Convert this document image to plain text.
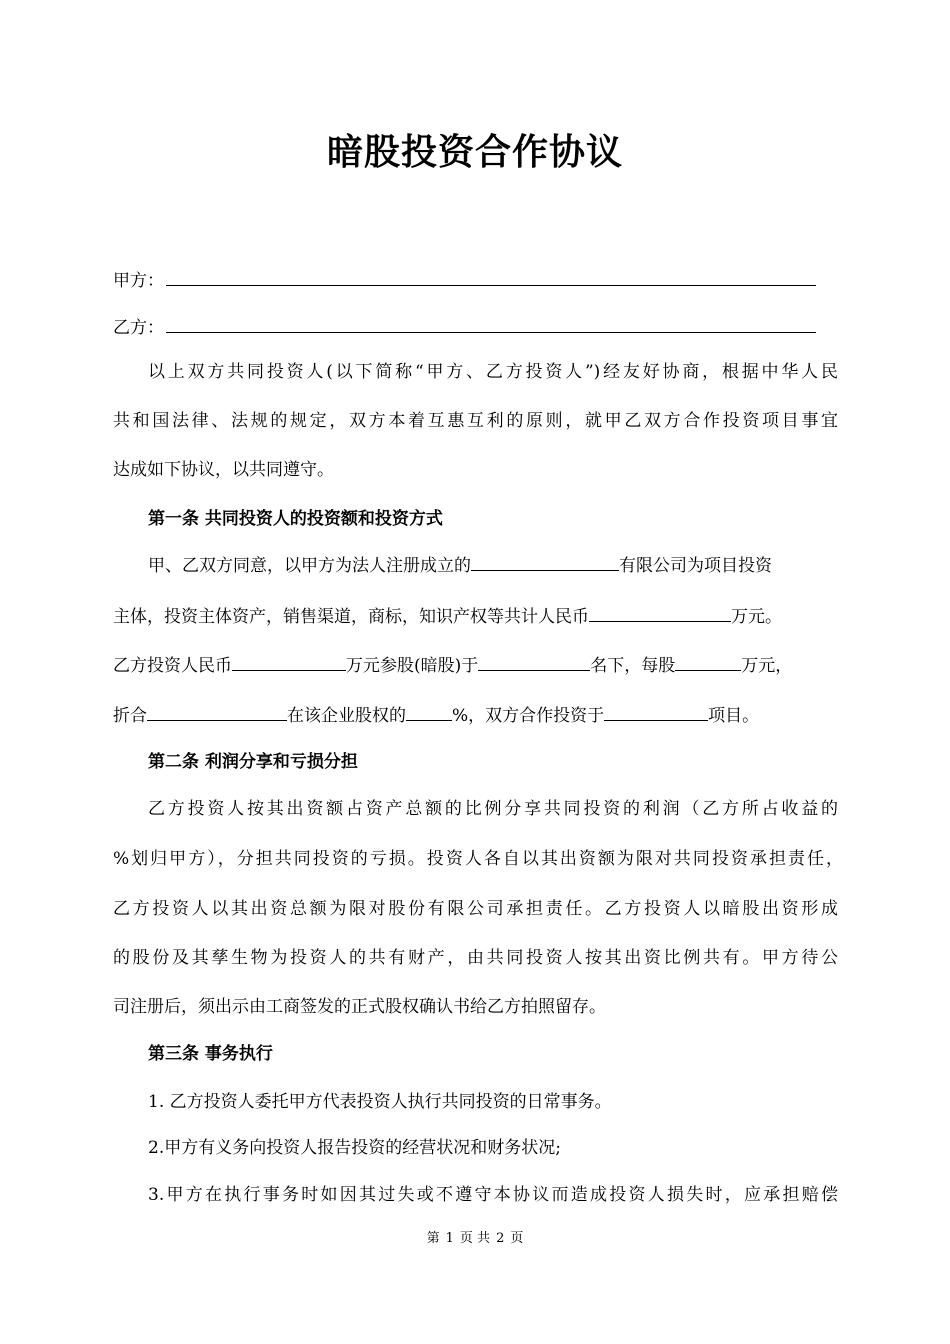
暗股投资合作协议
甲方：
乙方：
以上双方共同投资人(以下简称“甲方、乙方投资人”)经友好协商，根据中华人民
共和国法律、法规的规定，双方本着互惠互利的原则，就甲乙双方合作投资项目事宜
达成如下协议，以共同遵守。
第一条 共同投资人的投资额和投资方式
甲、乙双方同意，以甲方为法人注册成立的	有限公司为项目投资
主体，投资主体资产，销售渠道，商标，知识产权等共计人民币	万元。
乙方投资人民币	万元参股(暗股)于	名下，每股	万元，
折合	在该企业股权的	%，双方合作投资于	项目。
第二条 利润分享和亏损分担
乙方投资人按其出资额占资产总额的比例分享共同投资的利润（乙方所占收益的
%划归甲方），分担共同投资的亏损。投资人各自以其出资额为限对共同投资承担责任，
乙方投资人以其出资总额为限对股份有限公司承担责任。乙方投资人以暗股出资形成
的股份及其孳生物为投资人的共有财产，由共同投资人按其出资比例共有。甲方待公
司注册后，须出示由工商签发的正式股权确认书给乙方拍照留存。
第三条 事务执行
1. 乙方投资人委托甲方代表投资人执行共同投资的日常事务。
2.甲方有义务向投资人报告投资的经营状况和财务状况;
3.甲方在执行事务时如因其过失或不遵守本协议而造成投资人损失时，应承担赔偿
第 1 页 共 2 页
